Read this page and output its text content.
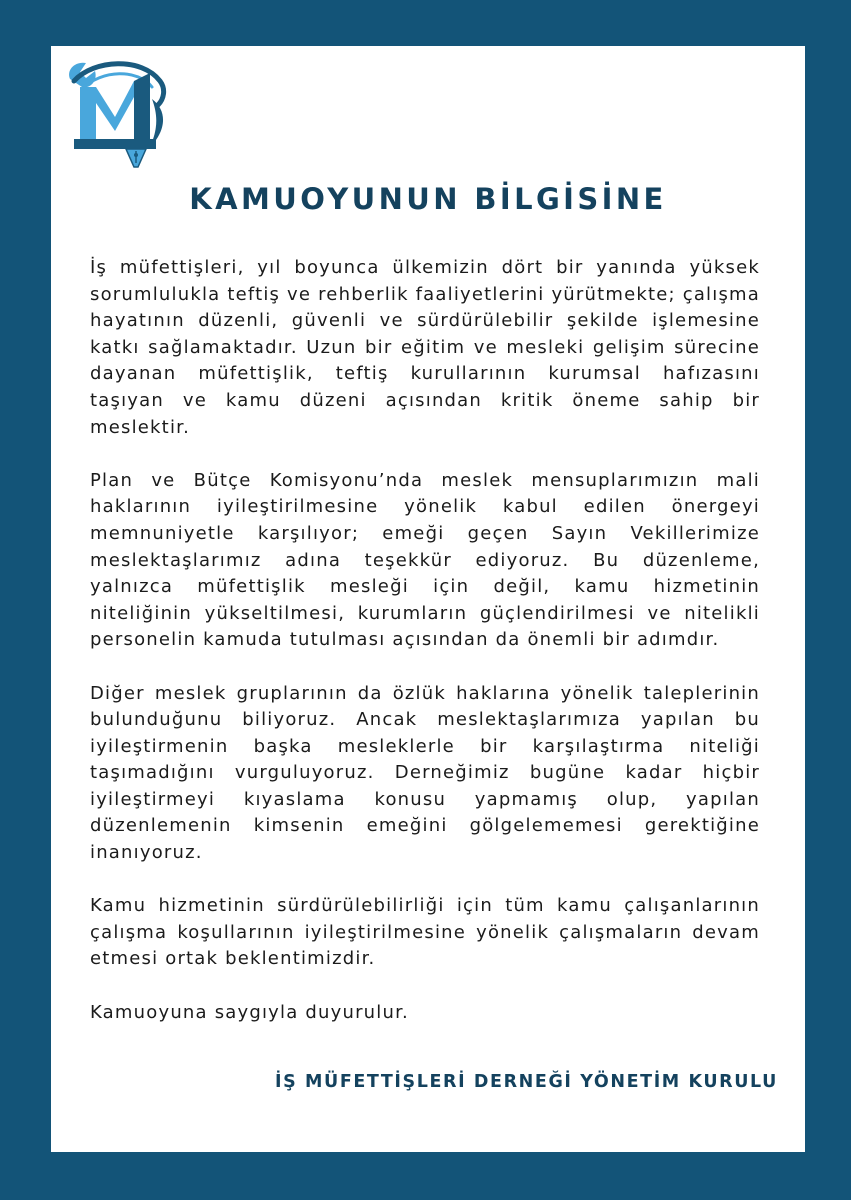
KAMUOYUNUN BİLGİSİNE

İş müfettişleri, yıl boyunca ülkemizin dört bir yanında yüksek sorumlulukla teftiş ve rehberlik faaliyetlerini yürütmekte; çalışma hayatının düzenli, güvenli ve sürdürülebilir şekilde işlemesine katkı sağlamaktadır. Uzun bir eğitim ve mesleki gelişim sürecine dayanan müfettişlik, teftiş kurullarının kurumsal hafızasını taşıyan ve kamu düzeni açısından kritik öneme sahip bir meslektir.

Plan ve Bütçe Komisyonu’nda meslek mensuplarımızın mali haklarının iyileştirilmesine yönelik kabul edilen önergeyi memnuniyetle karşılıyor; emeği geçen Sayın Vekillerimize meslektaşlarımız adına teşekkür ediyoruz. Bu düzenleme, yalnızca müfettişlik mesleği için değil, kamu hizmetinin niteliğinin yükseltilmesi, kurumların güçlendirilmesi ve nitelikli personelin kamuda tutulması açısından da önemli bir adımdır.

Diğer meslek gruplarının da özlük haklarına yönelik taleplerinin bulunduğunu biliyoruz. Ancak meslektaşlarımıza yapılan bu iyileştirmenin başka mesleklerle bir karşılaştırma niteliği taşımadığını vurguluyoruz. Derneğimiz bugüne kadar hiçbir iyileştirmeyi kıyaslama konusu yapmamış olup, yapılan düzenlemenin kimsenin emeğini gölgelememesi gerektiğine inanıyoruz.

Kamu hizmetinin sürdürülebilirliği için tüm kamu çalışanlarının çalışma koşullarının iyileştirilmesine yönelik çalışmaların devam etmesi ortak beklentimizdir.

Kamuoyuna saygıyla duyurulur.

İŞ MÜFETTİŞLERİ DERNEĞİ YÖNETİM KURULU
